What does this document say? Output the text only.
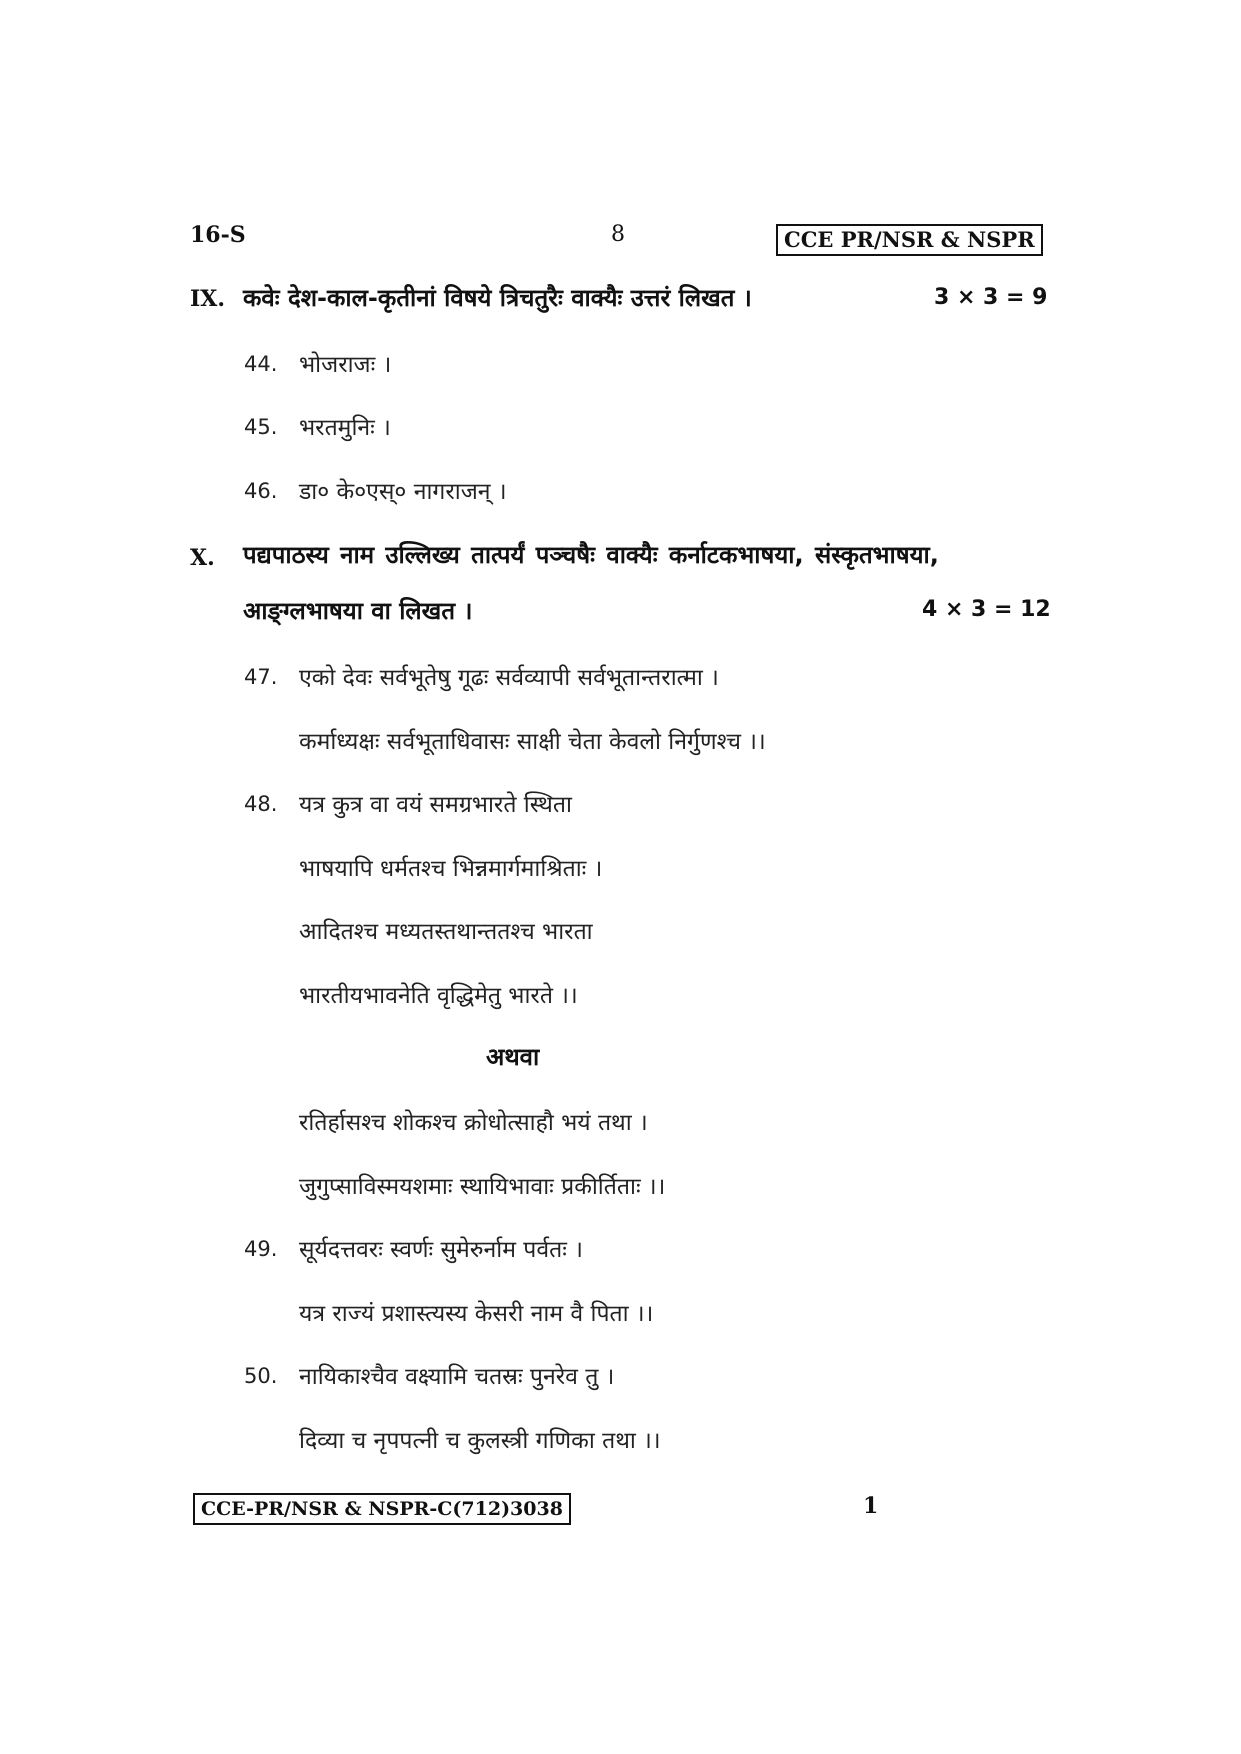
16-S	8	CCE PR/NSR & NSPR
IX. कवेः देश-काल-कृतीनां विषये त्रिचतुरैः वाक्यैः उत्तरं लिखत ।	3 × 3 = 9
44. भोजराजः ।
45. भरतमुनिः ।
46. डा० के०एस्० नागराजन् ।
X. पद्यपाठस्य नाम उल्लिख्य तात्पर्यं पञ्चषैः वाक्यैः कर्नाटकभाषया, संस्कृतभाषया,
आङ्ग्लभाषया वा लिखत ।	4 × 3 = 12
47. एको देवः सर्वभूतेषु गूढः सर्वव्यापी सर्वभूतान्तरात्मा ।
कर्माध्यक्षः सर्वभूताधिवासः साक्षी चेता केवलो निर्गुणश्च ।।
48. यत्र कुत्र वा वयं समग्रभारते स्थिता
भाषयापि धर्मतश्च भिन्नमार्गमाश्रिताः ।
आदितश्च मध्यतस्तथान्ततश्च भारता
भारतीयभावनेति वृद्धिमेतु भारते ।।
अथवा
रतिर्हासश्च शोकश्च क्रोधोत्साहौ भयं तथा ।
जुगुप्साविस्मयशमाः स्थायिभावाः प्रकीर्तिताः ।।
49. सूर्यदत्तवरः स्वर्णः सुमेरुर्नाम पर्वतः ।
यत्र राज्यं प्रशास्त्यस्य केसरी नाम वै पिता ।।
50. नायिकाश्चैव वक्ष्यामि चतस्रः पुनरेव तु ।
दिव्या च नृपपत्नी च कुलस्त्री गणिका तथा ।।
CCE-PR/NSR & NSPR-C(712)3038	1
